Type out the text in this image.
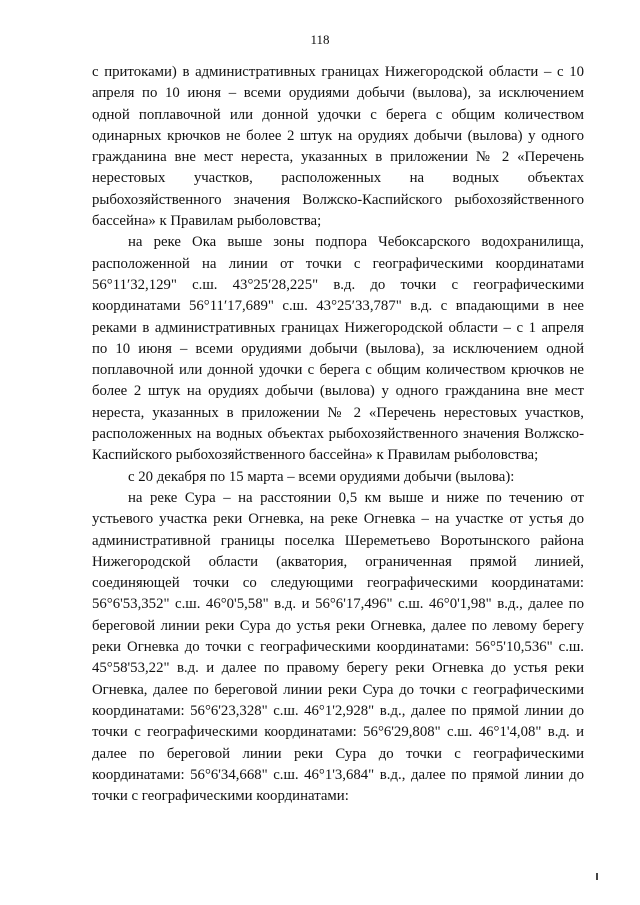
118

с притоками) в административных границах Нижегородской области – с 10 апреля по 10 июня – всеми орудиями добычи (вылова), за исключением одной поплавочной или донной удочки с берега с общим количеством одинарных крючков не более 2 штук на орудиях добычи (вылова) у одного гражданина вне мест нереста, указанных в приложении № 2 «Перечень нерестовых участков, расположенных на водных объектах рыбохозяйственного значения Волжско-Каспийского рыбохозяйственного бассейна» к Правилам рыболовства;

на реке Ока выше зоны подпора Чебоксарского водохранилища, расположенной на линии от точки с географическими координатами 56°11′32,129" с.ш. 43°25′28,225" в.д. до точки с географическими координатами 56°11′17,689" с.ш. 43°25′33,787" в.д. с впадающими в нее реками в административных границах Нижегородской области – с 1 апреля по 10 июня – всеми орудиями добычи (вылова), за исключением одной поплавочной или донной удочки с берега с общим количеством крючков не более 2 штук на орудиях добычи (вылова) у одного гражданина вне мест нереста, указанных в приложении № 2 «Перечень нерестовых участков, расположенных на водных объектах рыбохозяйственного значения Волжско-Каспийского рыбохозяйственного бассейна» к Правилам рыболовства;

с 20 декабря по 15 марта – всеми орудиями добычи (вылова):

на реке Сура – на расстоянии 0,5 км выше и ниже по течению от устьевого участка реки Огневка, на реке Огневка – на участке от устья до административной границы поселка Шереметьево Воротынского района Нижегородской области (акватория, ограниченная прямой линией, соединяющей точки со следующими географическими координатами: 56°6'53,352" с.ш. 46°0'5,58" в.д. и 56°6'17,496" с.ш. 46°0'1,98" в.д., далее по береговой линии реки Сура до устья реки Огневка, далее по левому берегу реки Огневка до точки с географическими координатами: 56°5'10,536" с.ш. 45°58'53,22" в.д. и далее по правому берегу реки Огневка до устья реки Огневка, далее по береговой линии реки Сура до точки с географическими координатами: 56°6'23,328" с.ш. 46°1'2,928" в.д., далее по прямой линии до точки с географическими координатами: 56°6'29,808" с.ш. 46°1'4,08" в.д. и далее по береговой линии реки Сура до точки с географическими координатами: 56°6'34,668" с.ш. 46°1'3,684" в.д., далее по прямой линии до точки с географическими координатами:
